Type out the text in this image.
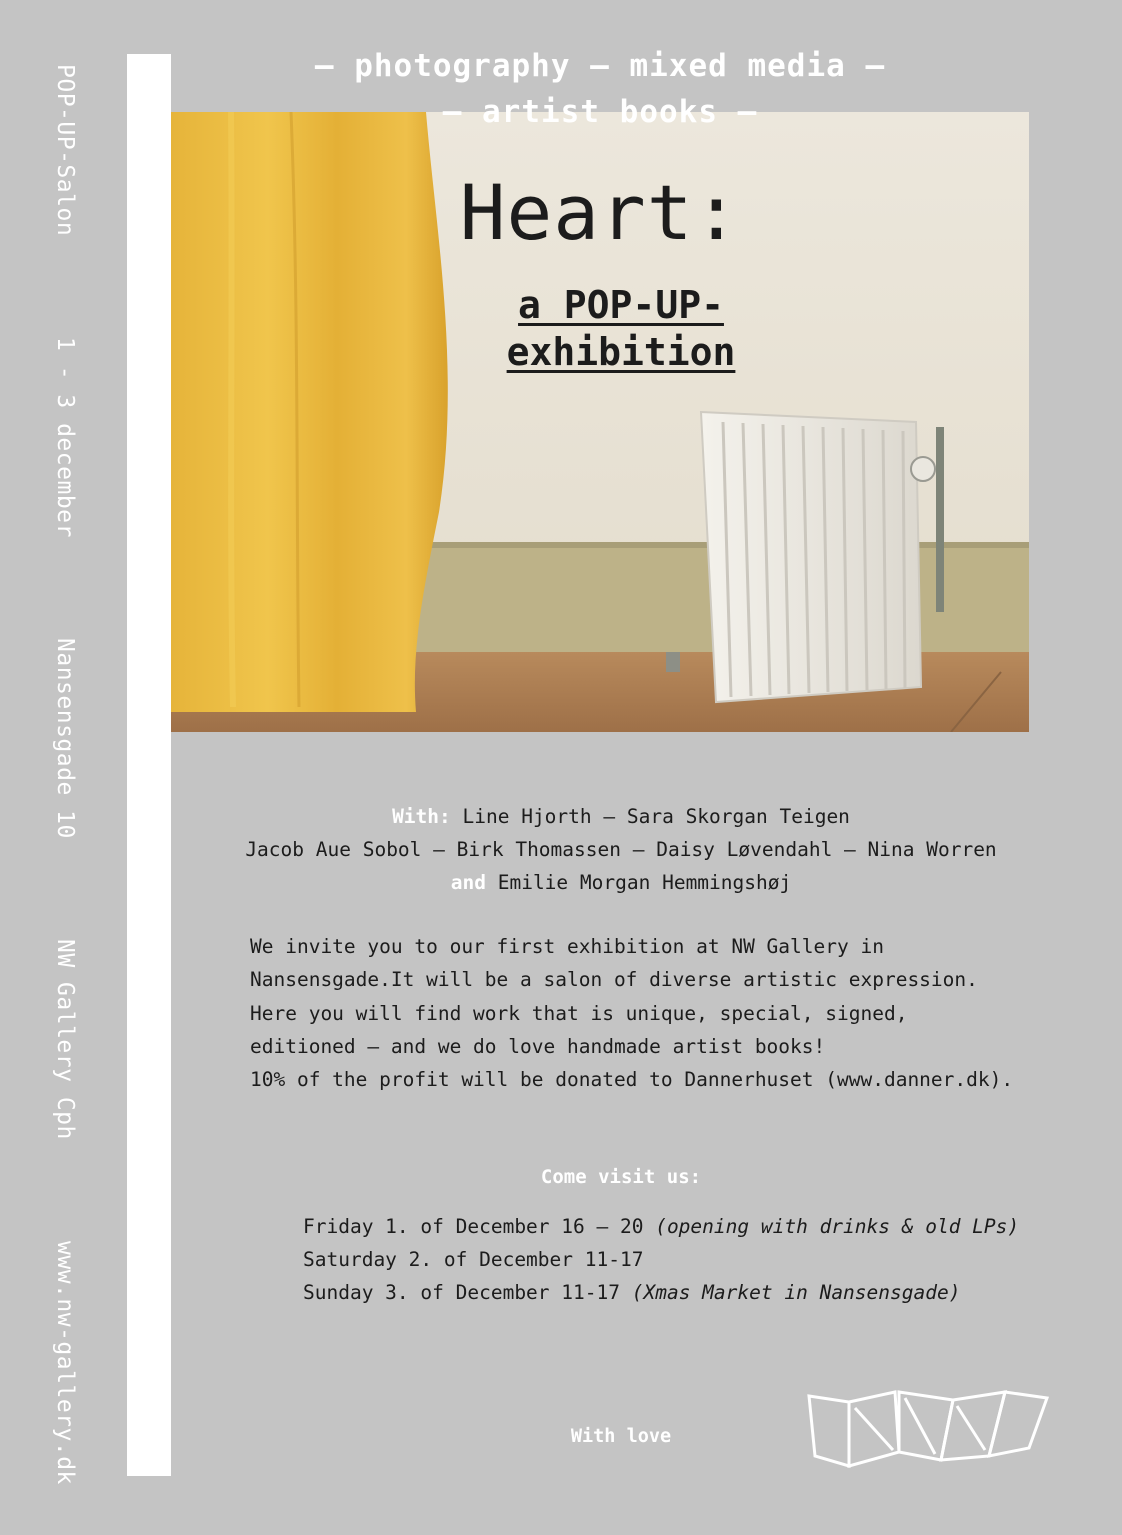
POP-UP-Salon       1 - 3 december       Nansensgade 10       NW Gallery Cph       www.nw-gallery.dk
— photography — mixed media —
— artist books —
Heart:
a POP-UP-
exhibition
With: Line Hjorth – Sara Skorgan Teigen
Jacob Aue Sobol – Birk Thomassen – Daisy Løvendahl – Nina Worren
and Emilie Morgan Hemmingshøj
We invite you to our first exhibition at NW Gallery in
Nansensgade.It will be a salon of diverse artistic expression.
Here you will find work that is unique, special, signed,
editioned – and we do love handmade artist books!
10% of the profit will be donated to Dannerhuset (www.danner.dk).
Come visit us:
Friday 1. of December 16 – 20 (opening with drinks & old LPs)
Saturday 2. of December 11-17
Sunday 3. of December 11-17 (Xmas Market in Nansensgade)
With love
